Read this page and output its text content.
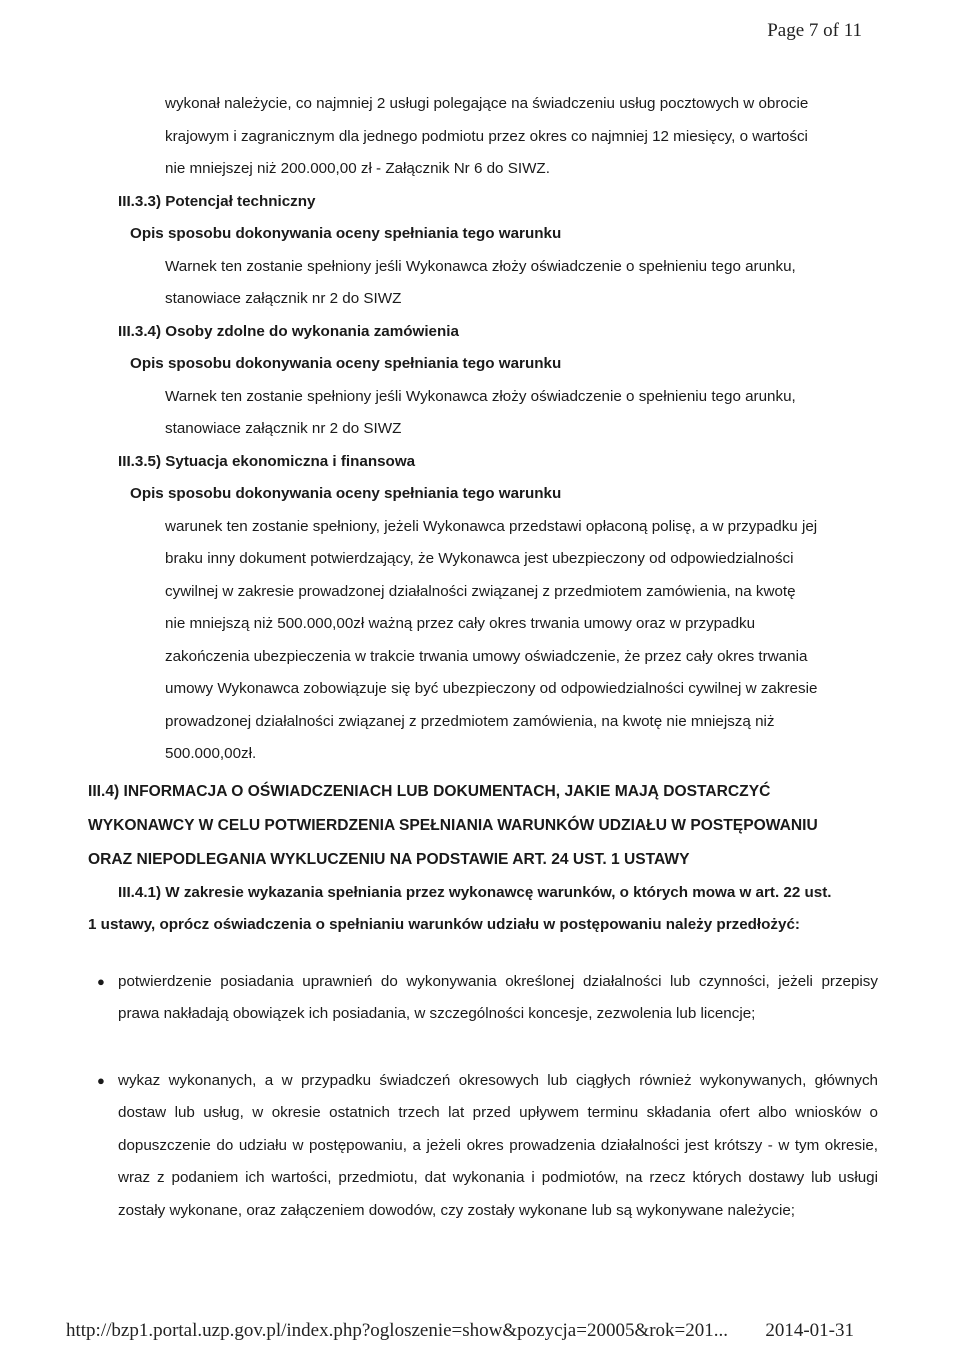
Page 7 of 11

wykonał należycie, co najmniej 2 usługi polegające na świadczeniu usług pocztowych w obrocie

krajowym i zagranicznym dla jednego podmiotu przez okres co najmniej 12 miesięcy, o wartości

nie mniejszej niż 200.000,00 zł - Załącznik Nr 6 do SIWZ.

III.3.3) Potencjał techniczny

Opis sposobu dokonywania oceny spełniania tego warunku

Warnek ten zostanie spełniony jeśli Wykonawca złoży oświadczenie o spełnieniu tego arunku,

stanowiace załącznik nr 2 do SIWZ

III.3.4) Osoby zdolne do wykonania zamówienia

Opis sposobu dokonywania oceny spełniania tego warunku

Warnek ten zostanie spełniony jeśli Wykonawca złoży oświadczenie o spełnieniu tego arunku,

stanowiace załącznik nr 2 do SIWZ

III.3.5) Sytuacja ekonomiczna i finansowa

Opis sposobu dokonywania oceny spełniania tego warunku

warunek ten zostanie spełniony, jeżeli Wykonawca przedstawi opłaconą polisę, a w przypadku jej

braku inny dokument potwierdzający, że Wykonawca jest ubezpieczony od odpowiedzialności

cywilnej w zakresie prowadzonej działalności związanej z przedmiotem zamówienia, na kwotę

nie mniejszą niż 500.000,00zł ważną przez cały okres trwania umowy oraz w przypadku

zakończenia ubezpieczenia w trakcie trwania umowy oświadczenie, że przez cały okres trwania

umowy Wykonawca zobowiązuje się być ubezpieczony od odpowiedzialności cywilnej w zakresie

prowadzonej działalności związanej z przedmiotem zamówienia, na kwotę nie mniejszą niż

500.000,00zł.

III.4) INFORMACJA O OŚWIADCZENIACH LUB DOKUMENTACH, JAKIE MAJĄ DOSTARCZYĆ

WYKONAWCY W CELU POTWIERDZENIA SPEŁNIANIA WARUNKÓW UDZIAŁU W POSTĘPOWANIU

ORAZ NIEPODLEGANIA WYKLUCZENIU NA PODSTAWIE ART. 24 UST. 1 USTAWY

III.4.1) W zakresie wykazania spełniania przez wykonawcę warunków, o których mowa w art. 22 ust.

1 ustawy, oprócz oświadczenia o spełnianiu warunków udziału w postępowaniu należy przedłożyć:

● potwierdzenie posiadania uprawnień do wykonywania określonej działalności lub czynności, jeżeli przepisy prawa nakładają obowiązek ich posiadania, w szczególności koncesje, zezwolenia lub licencje;
● wykaz wykonanych, a w przypadku świadczeń okresowych lub ciągłych również wykonywanych, głównych dostaw lub usług, w okresie ostatnich trzech lat przed upływem terminu składania ofert albo wniosków o dopuszczenie do udziału w postępowaniu, a jeżeli okres prowadzenia działalności jest krótszy - w tym okresie, wraz z podaniem ich wartości, przedmiotu, dat wykonania i podmiotów, na rzecz których dostawy lub usługi zostały wykonane, oraz załączeniem dowodów, czy zostały wykonane lub są wykonywane należycie;
http://bzp1.portal.uzp.gov.pl/index.php?ogloszenie=show&pozycja=20005&rok=201... 2014-01-31
